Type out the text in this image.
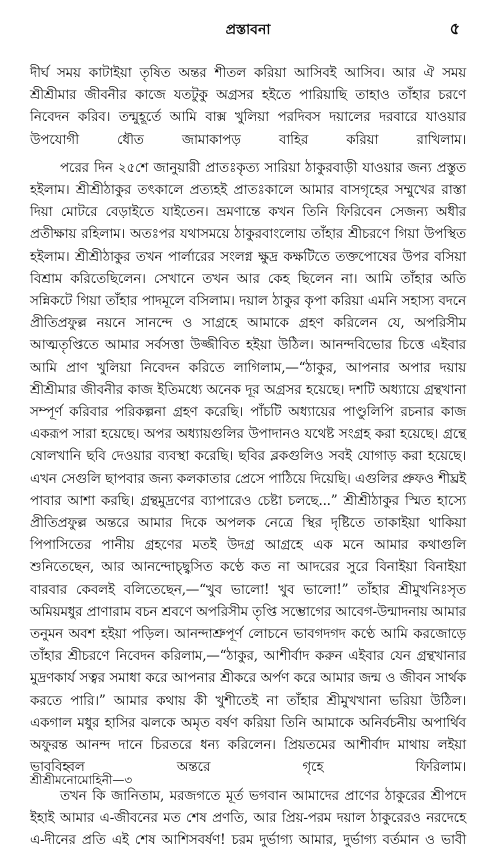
প্রস্তাবনা	৫

দীর্ঘ সময় কাটাইয়া তৃষিত অন্তর শীতল করিয়া আসিবই আসিব। আর ঐ সময় শ্রীশ্রীমার জীবনীর কাজে যতটুকু অগ্রসর হইতে পারিয়াছি তাহাও তাঁহার চরণে নিবেদন করিব। তন্মুহূর্তে আমি বাক্স খুলিয়া পরদিবস দয়ালের দরবারে যাওয়ার উপযোগী ধৌত জামাকাপড় বাহির করিয়া রাখিলাম।

পরের দিন ২৫শে জানুয়ারী প্রাতঃকৃত্য সারিয়া ঠাকুরবাড়ী যাওয়ার জন্য প্রস্তুত হইলাম। শ্রীশ্রীঠাকুর তৎকালে প্রত্যহই প্রাতঃকালে আমার বাসগৃহের সম্মুখের রাস্তা দিয়া মোটরে বেড়াইতে যাইতেন। ভ্রমণান্তে কখন তিনি ফিরিবেন সেজন্য অধীর প্রতীক্ষায় রহিলাম। অতঃপর যথাসময়ে ঠাকুরবাংলোয় তাঁহার শ্রীচরণে গিয়া উপস্থিত হইলাম। শ্রীশ্রীঠাকুর তখন পার্লারের সংলগ্ন ক্ষুদ্র কক্ষটিতে তক্তপোষের উপর বসিয়া বিশ্রাম করিতেছিলেন। সেখানে তখন আর কেহ ছিলেন না। আমি তাঁহার অতি সন্নিকটে গিয়া তাঁহার পাদমূলে বসিলাম। দয়াল ঠাকুর কৃপা করিয়া এমনি সহাস্য বদনে প্রীতিপ্রফুল্ল নয়নে সানন্দে ও সাগ্রহে আমাকে গ্রহণ করিলেন যে, অপরিসীম আত্মতৃপ্তিতে আমার সর্বসত্তা উজ্জীবিত হইয়া উঠিল। আনন্দবিভোর চিত্তে এইবার আমি প্রাণ খুলিয়া নিবেদন করিতে লাগিলাম,—“ঠাকুর, আপনার অপার দয়ায় শ্রীশ্রীমার জীবনীর কাজ ইতিমধ্যে অনেক দূর অগ্রসর হয়েছে। দশটি অধ্যায়ে গ্রন্থখানা সম্পূর্ণ করিবার পরিকল্পনা গ্রহণ করেছি। পাঁচটি অধ্যায়ের পাণ্ডুলিপি রচনার কাজ একরূপ সারা হয়েছে। অপর অধ্যায়গুলির উপাদানও যথেষ্ট সংগ্রহ করা হয়েছে। গ্রন্থে ষোলখানি ছবি দেওয়ার ব্যবস্থা করেছি। ছবির ব্লকগুলিও সবই যোগাড় করা হয়েছে। এখন সেগুলি ছাপবার জন্য কলকাতার প্রেসে পাঠিয়ে দিয়েছি। এগুলির প্রুফও শীঘ্রই পাবার আশা করছি। গ্রন্থমুদ্রণের ব্যাপারেও চেষ্টা চলছে...” শ্রীশ্রীঠাকুর স্মিত হাস্যে প্রীতিপ্রফুল্ল অন্তরে আমার দিকে অপলক নেত্রে স্থির দৃষ্টিতে তাকাইয়া থাকিয়া পিপাসিতের পানীয় গ্রহণের মতই উদগ্র আগ্রহে এক মনে আমার কথাগুলি শুনিতেছেন, আর আনন্দোচ্ছ্বসিত কণ্ঠে কত না আদরের সুরে বিনাইয়া বিনাইয়া বারবার কেবলই বলিতেছেন,—“খুব ভালো! খুব ভালো!” তাঁহার শ্রীমুখনিঃসৃত অমিয়মধুর প্রাণারাম বচন শ্রবণে অপরিসীম তৃপ্তি সম্ভোগের আবেগ-উন্মাদনায় আমার তনুমন অবশ হইয়া পড়িল। আনন্দাশ্রুপূর্ণ লোচনে ভাবগদগদ কণ্ঠে আমি করজোড়ে তাঁহার শ্রীচরণে নিবেদন করিলাম,—“ঠাকুর, আশীর্বাদ করুন এইবার যেন গ্রন্থখানার মুদ্রণকার্য সত্বর সমাধা করে আপনার শ্রীকরে অর্পণ করে আমার জন্ম ও জীবন সার্থক করতে পারি।” আমার কথায় কী খুশীতেই না তাঁহার শ্রীমুখখানা ভরিয়া উঠিল। একগাল মধুর হাসির ঝলকে অমৃত বর্ষণ করিয়া তিনি আমাকে অনির্বচনীয় অপার্থিব অফুরন্ত আনন্দ দানে চিরতরে ধন্য করিলেন। প্রিয়তমের আশীর্বাদ মাথায় লইয়া ভাববিহ্বল অন্তরে গৃহে ফিরিলাম।

তখন কি জানিতাম, মরজগতে মূর্ত ভগবান আমাদের প্রাণের ঠাকুরের শ্রীপদে ইহাই আমার এ-জীবনের মত শেষ প্রণতি, আর প্রিয়-পরম দয়াল ঠাকুরেরও নরদেহে এ-দীনের প্রতি এই শেষ আশিসবর্ষণ! চরম দুর্ভাগ্য আমার, দুর্ভাগ্য বর্তমান ও ভাবী

শ্রীশ্রীমনোমোহিনী—৩
